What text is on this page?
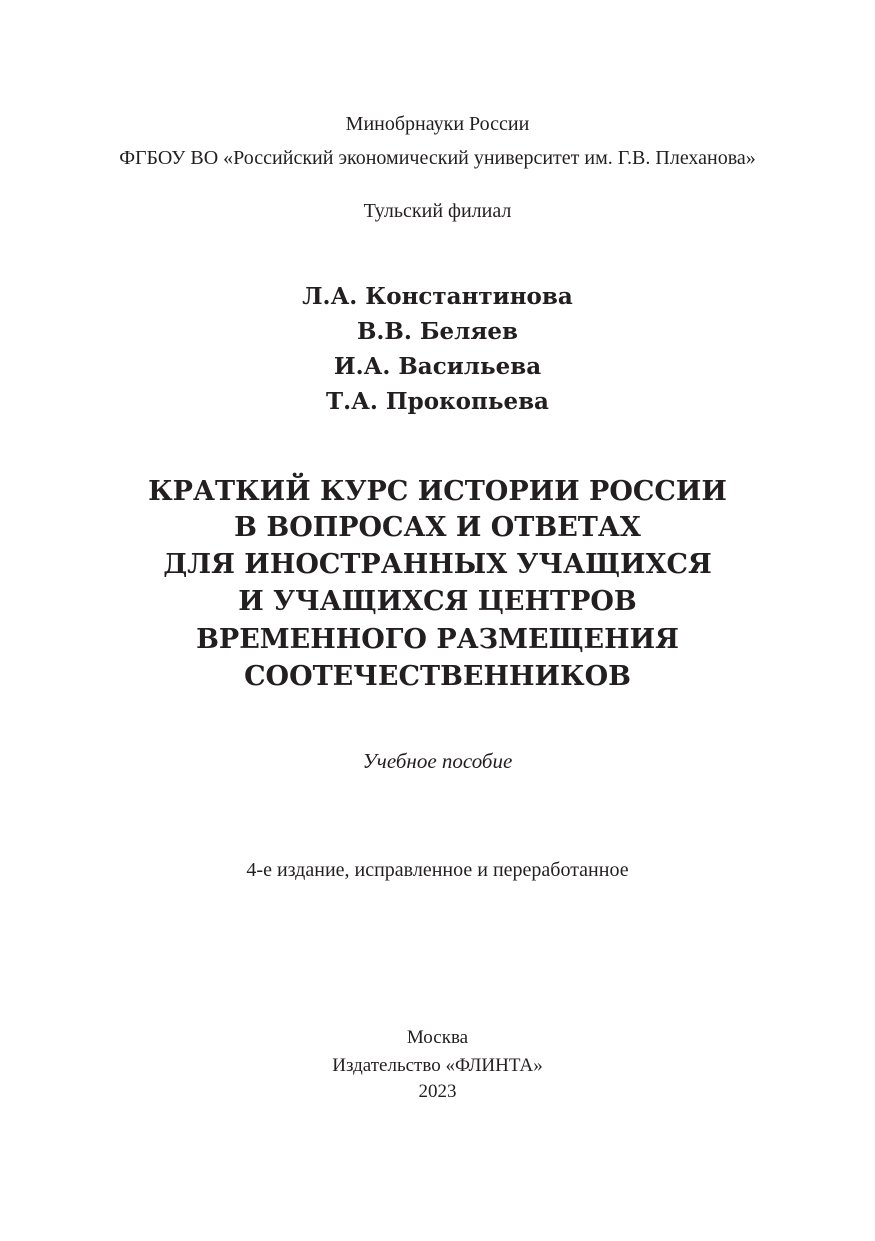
Минобрнауки России

ФГБОУ ВО «Российский экономический университет им. Г.В. Плеханова»

Тульский филиал

Л.А. Константинова

В.В. Беляев

И.А. Васильева

Т.А. Прокопьева

КРАТКИЙ КУРС ИСТОРИИ РОССИИ

В ВОПРОСАХ И ОТВЕТАХ

ДЛЯ ИНОСТРАННЫХ УЧАЩИХСЯ

И УЧАЩИХСЯ ЦЕНТРОВ

ВРЕМЕННОГО РАЗМЕЩЕНИЯ

СООТЕЧЕСТВЕННИКОВ

Учебное пособие

4-е издание, исправленное и переработанное

Москва

Издательство «ФЛИНТА»

2023
